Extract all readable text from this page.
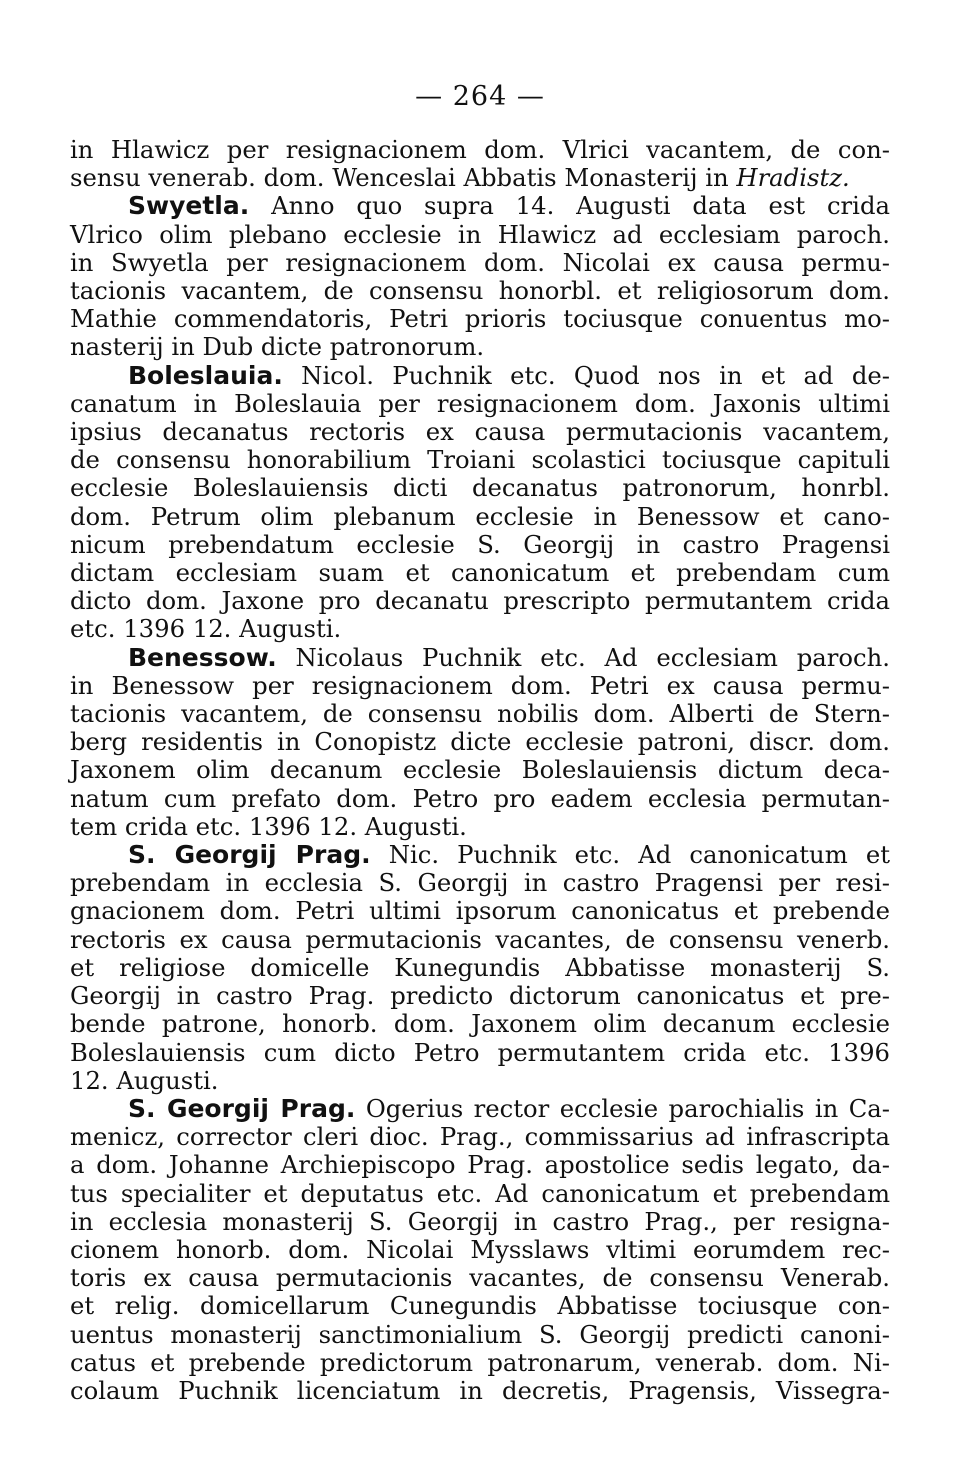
— 264 —
in Hlawicz per resignacionem dom. Vlrici vacantem, de con-
sensu venerab. dom. Wenceslai Abbatis Monasterij in Hradistz.
Swyetla. Anno quo supra 14. Augusti data est crida
Vlrico olim plebano ecclesie in Hlawicz ad ecclesiam paroch.
in Swyetla per resignacionem dom. Nicolai ex causa permu-
tacionis vacantem, de consensu honorbl. et religiosorum dom.
Mathie commendatoris, Petri prioris tociusque conuentus mo-
nasterij in Dub dicte patronorum.
Boleslauia. Nicol. Puchnik etc. Quod nos in et ad de-
canatum in Boleslauia per resignacionem dom. Jaxonis ultimi
ipsius decanatus rectoris ex causa permutacionis vacantem,
de consensu honorabilium Troiani scolastici tociusque capituli
ecclesie Boleslauiensis dicti decanatus patronorum, honrbl.
dom. Petrum olim plebanum ecclesie in Benessow et cano-
nicum prebendatum ecclesie S. Georgij in castro Pragensi
dictam ecclesiam suam et canonicatum et prebendam cum
dicto dom. Jaxone pro decanatu prescripto permutantem crida
etc. 1396 12. Augusti.
Benessow. Nicolaus Puchnik etc. Ad ecclesiam paroch.
in Benessow per resignacionem dom. Petri ex causa permu-
tacionis vacantem, de consensu nobilis dom. Alberti de Stern-
berg residentis in Conopistz dicte ecclesie patroni, discr. dom.
Jaxonem olim decanum ecclesie Boleslauiensis dictum deca-
natum cum prefato dom. Petro pro eadem ecclesia permutan-
tem crida etc. 1396 12. Augusti.
S. Georgij Prag. Nic. Puchnik etc. Ad canonicatum et
prebendam in ecclesia S. Georgij in castro Pragensi per resi-
gnacionem dom. Petri ultimi ipsorum canonicatus et prebende
rectoris ex causa permutacionis vacantes, de consensu venerb.
et religiose domicelle Kunegundis Abbatisse monasterij S.
Georgij in castro Prag. predicto dictorum canonicatus et pre-
bende patrone, honorb. dom. Jaxonem olim decanum ecclesie
Boleslauiensis cum dicto Petro permutantem crida etc. 1396
12. Augusti.
S. Georgij Prag. Ogerius rector ecclesie parochialis in Ca-
menicz, corrector cleri dioc. Prag., commissarius ad infrascripta
a dom. Johanne Archiepiscopo Prag. apostolice sedis legato, da-
tus specialiter et deputatus etc. Ad canonicatum et prebendam
in ecclesia monasterij S. Georgij in castro Prag., per resigna-
cionem honorb. dom. Nicolai Mysslaws vltimi eorumdem rec-
toris ex causa permutacionis vacantes, de consensu Venerab.
et relig. domicellarum Cunegundis Abbatisse tociusque con-
uentus monasterij sanctimonialium S. Georgij predicti canoni-
catus et prebende predictorum patronarum, venerab. dom. Ni-
colaum Puchnik licenciatum in decretis, Pragensis, Vissegra-
